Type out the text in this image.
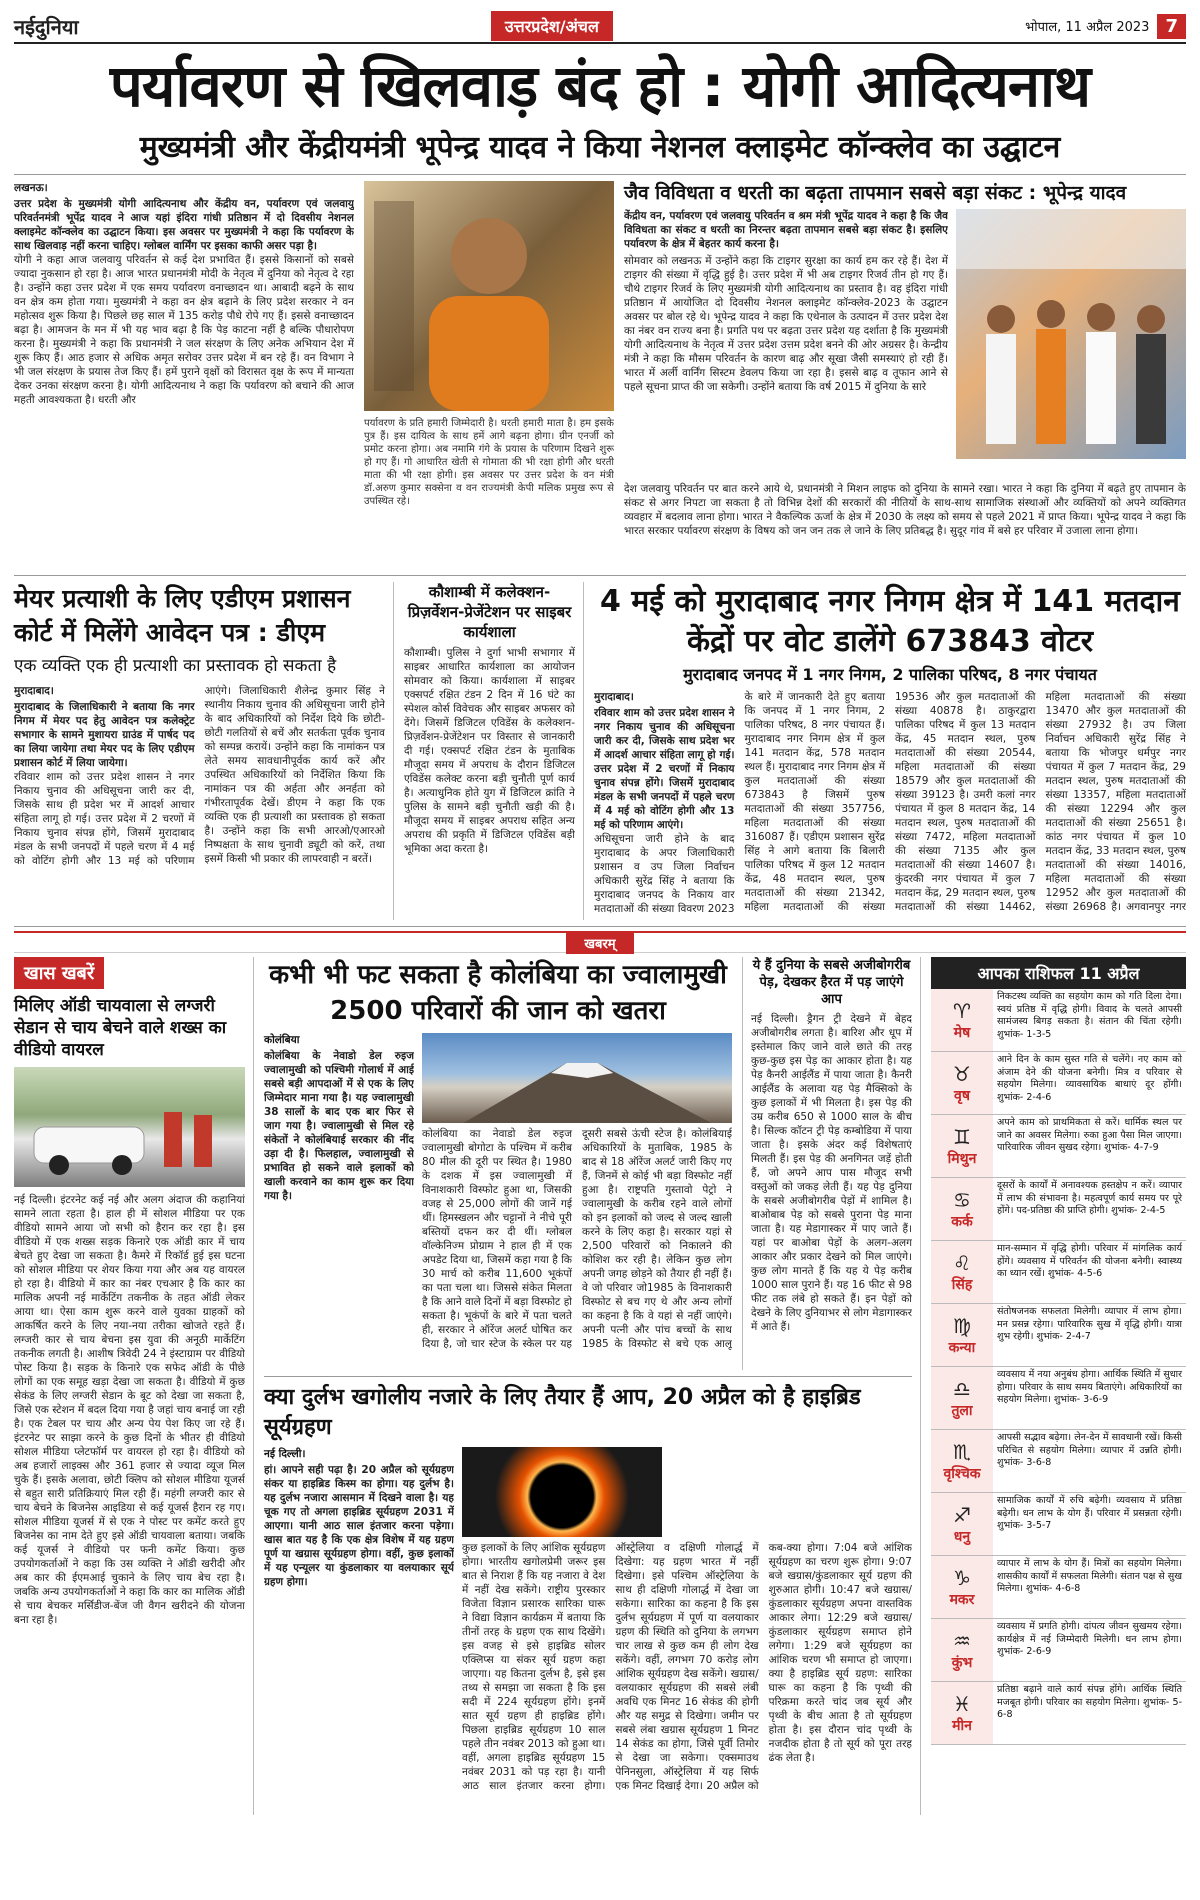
नईदुनिया	उत्तरप्रदेश/अंचल	भोपाल, 11 अप्रैल 2023 7
पर्यावरण से खिलवाड़ बंद हो : योगी आदित्यनाथ
मुख्यमंत्री और केंद्रीयमंत्री भूपेन्द्र यादव ने किया नेशनल क्लाइमेट कॉन्क्लेव का उद्घाटन
लखनऊ।

उत्तर प्रदेश के मुख्यमंत्री योगी आदित्यनाथ और केंद्रीय वन, पर्यावरण एवं जलवायु परिवर्तनमंत्री भूपेंद्र यादव ने आज यहां इंदिरा गांधी प्रतिष्ठान में दो दिवसीय नेशनल क्लाइमेट कॉन्क्लेव का उद्घाटन किया। इस अवसर पर मुख्यमंत्री ने कहा कि पर्यावरण के साथ खिलवाड़ नहीं करना चाहिए। ग्लोबल वार्मिंग पर इसका काफी असर पड़ा है।

योगी ने कहा आज जलवायु परिवर्तन से कई देश प्रभावित हैं। इससे किसानों को सबसे ज्यादा नुकसान हो रहा है। आज भारत प्रधानमंत्री मोदी के नेतृत्व में दुनिया को नेतृत्व दे रहा है। उन्होंने कहा उत्तर प्रदेश में एक समय पर्यावरण वनाच्छादन था। आबादी बढ़ने के साथ वन क्षेत्र कम होता गया। मुख्यमंत्री ने कहा वन क्षेत्र बढ़ाने के लिए प्रदेश सरकार ने वन महोत्सव शुरू किया है। पिछले छह साल में 135 करोड़ पौधे रोपे गए हैं। इससे वनाच्छादन बढ़ा है। आमजन के मन में भी यह भाव बढ़ा है कि पेड़ काटना नहीं है बल्कि पौधारोपण करना है। मुख्यमंत्री ने कहा कि प्रधानमंत्री ने जल संरक्षण के लिए अनेक अभियान देश में शुरू किए हैं। आठ हजार से अधिक अमृत सरोवर उत्तर प्रदेश में बन रहे हैं। वन विभाग ने भी जल संरक्षण के प्रयास तेज किए हैं। हमें पुराने वृक्षों को विरासत वृक्ष के रूप में मान्यता देकर उनका संरक्षण करना है। योगी आदित्यनाथ ने कहा कि पर्यावरण को बचाने की आज महती आवश्यकता है। धरती और

पर्यावरण के प्रति हमारी जिम्मेदारी है। धरती हमारी माता है। हम इसके पुत्र हैं। इस दायित्व के साथ हमें आगे बढ़ना होगा। ग्रीन एनर्जी को प्रमोट करना होगा। अब नमामि गंगे के प्रयास के परिणाम दिखने शुरू हो गए हैं। गो आधारित खेती से गोमाता की भी रक्षा होगी और धरती माता की भी रक्षा होगी। इस अवसर पर उत्तर प्रदेश के वन मंत्री डॉ.अरुण कुमार सक्सेना व वन राज्यमंत्री केपी मलिक प्रमुख रूप से उपस्थित रहे।
जैव विविधता व धरती का बढ़ता तापमान सबसे बड़ा संकट : भूपेन्द्र यादव

केंद्रीय वन, पर्यावरण एवं जलवायु परिवर्तन व श्रम मंत्री भूपेंद्र यादव ने कहा है कि जैव विविधता का संकट व धरती का निरन्तर बढ़ता तापमान सबसे बड़ा संकट है। इसलिए पर्यावरण के क्षेत्र में बेहतर कार्य करना है।

सोमवार को लखनऊ में उन्होंने कहा कि टाइगर सुरक्षा का कार्य हम कर रहे हैं। देश में टाइगर की संख्या में वृद्धि हुई है। उत्तर प्रदेश में भी अब टाइगर रिजर्व तीन हो गए हैं। चौथे टाइगर रिजर्व के लिए मुख्यमंत्री योगी आदित्यनाथ का प्रस्ताव है। वह इंदिरा गांधी प्रतिष्ठान में आयोजित दो दिवसीय नेशनल क्लाइमेट कॉन्क्लेव-2023 के उद्घाटन अवसर पर बोल रहे थे। भूपेन्द्र यादव ने कहा कि एथेनाल के उत्पादन में उत्तर प्रदेश देश का नंबर वन राज्य बना है। प्रगति पथ पर बढ़ता उत्तर प्रदेश यह दर्शाता है कि मुख्यमंत्री योगी आदित्यनाथ के नेतृत्व में उत्तर प्रदेश उत्तम प्रदेश बनने की ओर अग्रसर है। केन्द्रीय मंत्री ने कहा कि मौसम परिवर्तन के कारण बाढ़ और सूखा जैसी समस्याएं हो रही हैं। भारत में अर्ली वार्निंग सिस्टम डेवलप किया जा रहा है। इससे बाढ़ व तूफान आने से पहले सूचना प्राप्त की जा सकेगी। उन्होंने बताया कि वर्ष 2015 में दुनिया के सारे

देश जलवायु परिवर्तन पर बात करने आये थे, प्रधानमंत्री ने मिशन लाइफ को दुनिया के सामने रखा। भारत ने कहा कि दुनिया में बढ़ते हुए तापमान के संकट से अगर निपटा जा सकता है तो विभिन्न देशों की सरकारों की नीतियों के साथ-साथ सामाजिक संस्थाओं और व्यक्तियों को अपने व्यक्तिगत व्यवहार में बदलाव लाना होगा। भारत ने वैकल्पिक ऊर्जा के क्षेत्र में 2030 के लक्ष्य को समय से पहले 2021 में प्राप्त किया। भूपेन्द्र यादव ने कहा कि भारत सरकार पर्यावरण संरक्षण के विषय को जन जन तक ले जाने के लिए प्रतिबद्ध है। सुदूर गांव में बसे हर परिवार में उजाला लाना होगा।

मेयर प्रत्याशी के लिए एडीएम प्रशासन कोर्ट में मिलेंगे आवेदन पत्र : डीएम
एक व्यक्ति एक ही प्रत्याशी का प्रस्तावक हो सकता है
मुरादाबाद।

मुरादाबाद के जिलाधिकारी ने बताया कि नगर निगम में मेयर पद हेतु आवेदन पत्र कलेक्ट्रेट सभागार के सामने मुशायरा ग्राउंड में पार्षद पद का लिया जायेगा तथा मेयर पद के लिए एडीएम प्रशासन कोर्ट में लिया जायेगा।

रविवार शाम को उत्तर प्रदेश शासन ने नगर निकाय चुनाव की अधिसूचना जारी कर दी, जिसके साथ ही प्रदेश भर में आदर्श आचार संहिता लागू हो गई। उत्तर प्रदेश में 2 चरणों में निकाय चुनाव संपन्न होंगे, जिसमें मुरादाबाद मंडल के सभी जनपदों में पहले चरण में 4 मई को वोटिंग होगी और 13 मई को परिणाम आएंगे। जिलाधिकारी शैलेन्द्र कुमार सिंह ने स्थानीय निकाय चुनाव की अधिसूचना जारी होने के बाद अधिकारियों को निर्देश दिये कि छोटी-छोटी गलतियों से बचें और सतर्कता पूर्वक चुनाव को सम्पन्न करायें। उन्होंने कहा कि नामांकन पत्र लेते समय सावधानीपूर्वक कार्य करें और उपस्थित अधिकारियों को निर्देशित किया कि नामांकन पत्र की अर्हता और अनर्हता को गंभीरतापूर्वक देखें। डीएम ने कहा कि एक व्यक्ति एक ही प्रत्याशी का प्रस्तावक हो सकता है। उन्होंने कहा कि सभी आरओ/एआरओ निष्पक्षता के साथ चुनावी ड्यूटी को करें, तथा इसमें किसी भी प्रकार की लापरवाही न बरतें।

कौशाम्बी में कलेक्शन-प्रिज़र्वेशन-प्रेजेंटेशन पर साइबर कार्यशाला

कौशाम्बी। पुलिस ने दुर्गा भाभी सभागार में साइबर आधारित कार्यशाला का आयोजन सोमवार को किया। कार्यशाला में साइबर एक्सपर्ट रक्षित टंडन 2 दिन में 16 घंटे का स्पेशल कोर्स विवेचक और साइबर अफसर को देंगे। जिसमें डिजिटल एविडेंस के कलेक्शन-प्रिज़र्वेशन-प्रेजेंटेशन पर विस्तार से जानकारी दी गई। एक्सपर्ट रक्षित टंडन के मुताबिक मौजूदा समय में अपराध के दौरान डिजिटल एविडेंस कलेक्ट करना बड़ी चुनौती पूर्ण कार्य है। अत्याधुनिक होते युग में डिजिटल क्रांति ने पुलिस के सामने बड़ी चुनौती खड़ी की है। मौजूदा समय में साइबर अपराध सहित अन्य अपराध की प्रकृति में डिजिटल एविडेंस बड़ी भूमिका अदा करता है।

4 मई को मुरादाबाद नगर निगम क्षेत्र में 141 मतदान केंद्रों पर वोट डालेंगे 673843 वोटर
मुरादाबाद जनपद में 1 नगर निगम, 2 पालिका परिषद, 8 नगर पंचायत
मुरादाबाद।

रविवार शाम को उत्तर प्रदेश शासन ने नगर निकाय चुनाव की अधिसूचना जारी कर दी, जिसके साथ प्रदेश भर में आदर्श आचार संहिता लागू हो गई। उत्तर प्रदेश में 2 चरणों में निकाय चुनाव संपन्न होंगे। जिसमें मुरादाबाद मंडल के सभी जनपदों में पहले चरण में 4 मई को वोटिंग होगी और 13 मई को परिणाम आएंगे।

अधिसूचना जारी होने के बाद मुरादाबाद के अपर जिलाधिकारी प्रशासन व उप जिला निर्वाचन अधिकारी सुरेंद्र सिंह ने बताया कि मुरादाबाद जनपद के निकाय वार मतदाताओं की संख्या विवरण 2023 के बारे में जानकारी देते हुए बताया कि जनपद में 1 नगर निगम, 2 पालिका परिषद, 8 नगर पंचायत हैं। मुरादाबाद नगर निगम क्षेत्र में कुल 141 मतदान केंद्र, 578 मतदान स्थल हैं। मुरादाबाद नगर निगम क्षेत्र में कुल मतदाताओं की संख्या 673843 है जिसमें पुरुष मतदाताओं की संख्या 357756, महिला मतदाताओं की संख्या 316087 हैं। एडीएम प्रशासन सुरेंद्र सिंह ने आगे बताया कि बिलारी पालिका परिषद में कुल 12 मतदान केंद्र, 48 मतदान स्थल, पुरुष मतदाताओं की संख्या 21342, महिला मतदाताओं की संख्या 19536 और कुल मतदाताओं की संख्या 40878 है। ठाकुरद्वारा पालिका परिषद में कुल 13 मतदान केंद्र, 45 मतदान स्थल, पुरुष मतदाताओं की संख्या 20544, महिला मतदाताओं की संख्या 18579 और कुल मतदाताओं की संख्या 39123 है। उमरी कलां नगर पंचायत में कुल 8 मतदान केंद्र, 14 मतदान स्थल, पुरुष मतदाताओं की संख्या 7472, महिला मतदाताओं की संख्या 7135 और कुल मतदाताओं की संख्या 14607 है। कुंदरकी नगर पंचायत में कुल 7 मतदान केंद्र, 29 मतदान स्थल, पुरुष मतदाताओं की संख्या 14462, महिला मतदाताओं की संख्या 13470 और कुल मतदाताओं की संख्या 27932 है। उप जिला निर्वाचन अधिकारी सुरेंद्र सिंह ने बताया कि भोजपुर धर्मपुर नगर पंचायत में कुल 7 मतदान केंद्र, 29 मतदान स्थल, पुरुष मतदाताओं की संख्या 13357, महिला मतदाताओं की संख्या 12294 और कुल मतदाताओं की संख्या 25651 है। कांठ नगर पंचायत में कुल 10 मतदान केंद्र, 33 मतदान स्थल, पुरुष मतदाताओं की संख्या 14016, महिला मतदाताओं की संख्या 12952 और कुल मतदाताओं की संख्या 26968 है। अगवानपुर नगर

खबरम्
खास खबरें
मिलिए ऑडी चायवाला से लग्जरी सेडान से चाय बेचने वाले शख्स का वीडियो वायरल

नई दिल्ली। इंटरनेट कई नई और अलग अंदाज की कहानियां सामने लाता रहता है। हाल ही में सोशल मीडिया पर एक वीडियो सामने आया जो सभी को हैरान कर रहा है। इस वीडियो में एक शख्स सड़क किनारे एक ऑडी कार में चाय बेचते हुए देखा जा सकता है। कैमरे में रिकॉर्ड हुई इस घटना को सोशल मीडिया पर शेयर किया गया और अब यह वायरल हो रहा है। वीडियो में कार का नंबर एचआर है कि कार का मालिक अपनी नई मार्केटिंग तकनीक के तहत ऑडी लेकर आया था। ऐसा काम शुरू करने वाले युवका ग्राहकों को आकर्षित करने के लिए नया-नया तरीका खोजते रहते हैं। लग्जरी कार से चाय बेचना इस युवा की अनूठी मार्केटिंग तकनीक लगती है। आशीष त्रिवेदी 24 ने इंस्टाग्राम पर वीडियो पोस्ट किया है। सड़क के किनारे एक सफेद ऑडी के पीछे लोगों का एक समूह खड़ा देखा जा सकता है। वीडियो में कुछ सेकंड के लिए लग्जरी सेडान के बूट को देखा जा सकता है, जिसे एक स्टेशन में बदल दिया गया है जहां चाय बनाई जा रही है। एक टेबल पर चाय और अन्य पेय पेश किए जा रहे हैं। इंटरनेट पर साझा करने के कुछ दिनों के भीतर ही वीडियो सोशल मीडिया प्लेटफॉर्म पर वायरल हो रहा है। वीडियो को अब हजारों लाइक्स और 361 हजार से ज्यादा व्यूज मिल चुके हैं। इसके अलावा, छोटी क्लिप को सोशल मीडिया यूजर्स से बहुत सारी प्रतिक्रियाएं मिल रही हैं। महंगी लग्जरी कार से चाय बेचने के बिजनेस आइडिया से कई यूजर्स हैरान रह गए। सोशल मीडिया यूजर्स में से एक ने पोस्ट पर कमेंट करते हुए बिजनेस का नाम देते हुए इसे ऑडी चायवाला बताया। जबकि कई यूजर्स ने वीडियो पर फनी कमेंट किया। कुछ उपयोगकर्ताओं ने कहा कि उस व्यक्ति ने ऑडी खरीदी और अब कार की ईएमआई चुकाने के लिए चाय बेच रहा है। जबकि अन्य उपयोगकर्ताओं ने कहा कि कार का मालिक ऑडी से चाय बेचकर मर्सिडीज-बेंज जी वैगन खरीदने की योजना बना रहा है।

कभी भी फट सकता है कोलंबिया का ज्वालामुखी 2500 परिवारों की जान को खतरा
कोलंबिया

कोलंबिया के नेवाडो डेल रुइज ज्वालामुखी को पश्चिमी गोलार्ध में आई सबसे बड़ी आपदाओं में से एक के लिए जिम्मेदार माना गया है। यह ज्वालामुखी 38 सालों के बाद एक बार फिर से जाग गया है। ज्वालामुखी से मिल रहे संकेतों ने कोलंबियाई सरकार की नींद उड़ा दी है। फिलहाल, ज्वालामुखी से प्रभावित हो सकने वाले इलाकों को खाली करवाने का काम शुरू कर दिया गया है।

कोलंबिया का नेवाडो डेल रुइज ज्वालामुखी बोगोटा के पश्चिम में करीब 80 मील की दूरी पर स्थित है। 1980 के दशक में इस ज्वालामुखी में विनाशकारी विस्फोट हुआ था, जिसकी वजह से 25,000 लोगों की जानें गई थीं। हिमस्खलन और चट्टानों ने नीचे पूरी बस्तियों दफन कर दी थीं। ग्लोबल वॉल्केनिज्म प्रोग्राम ने हाल ही में एक अपडेट दिया था, जिसमें कहा गया है कि 30 मार्च को करीब 11,600 भूकंपों का पता चला था। जिससे संकेत मिलता है कि आने वाले दिनों में बड़ा विस्फोट हो सकता है। भूकंपों के बारे में पता चलते ही, सरकार ने ऑरेंज अलर्ट घोषित कर दिया है, जो चार स्टेज के स्केल पर यह दूसरी सबसे ऊंची स्टेज है। कोलंबियाई अधिकारियों के मुताबिक, 1985 के बाद से 18 ऑरेंज अलर्ट जारी किए गए हैं, जिनमें से कोई भी बड़ा विस्फोट नहीं हुआ है। राष्ट्रपति गुस्तावो पेट्रो ने ज्वालामुखी के करीब रहने वाले लोगों को इन इलाकों को जल्द से जल्द खाली करने के लिए कहा है। सरकार यहां से 2,500 परिवारों को निकालने की कोशिश कर रही है। लेकिन कुछ लोग अपनी जगह छोड़ने को तैयार ही नहीं हैं। वे जो परिवार जो1985 के विनाशकारी विस्फोट से बच गए थे और अन्य लोगों का कहना है कि वे यहां से नहीं जाएंगे। अपनी पत्नी और पांच बच्चों के साथ 1985 के विस्फोट से बचे एक आलू

ये हैं दुनिया के सबसे अजीबोगरीब पेड़, देखकर हैरत में पड़ जाएंगे आप

नई दिल्ली। ड्रैगन ट्री देखने में बेहद अजीबोगरीब लगता है। बारिश और धूप में इस्तेमाल किए जाने वाले छाते की तरह कुछ-कुछ इस पेड़ का आकार होता है। यह पेड़ कैनरी आईलैंड में पाया जाता है। कैनरी आईलैंड के अलावा यह पेड़ मैक्सिको के कुछ इलाकों में भी मिलता है। इस पेड़ की उम्र करीब 650 से 1000 साल के बीच है। सिल्क कॉटन ट्री पेड़ कम्बोडिया में पाया जाता है। इसके अंदर कई विशेषताएं मिलती हैं। इस पेड़ की अनगिनत जड़ें होती हैं, जो अपने आप पास मौजूद सभी वस्तुओं को जकड़ लेती हैं। यह पेड़ दुनिया के सबसे अजीबोगरीब पेड़ों में शामिल है। बाओबाब पेड़ को सबसे पुराना पेड़ माना जाता है। यह मेडागास्कर में पाए जाते हैं। यहां पर बाओबा पेड़ों के अलग-अलग आकार और प्रकार देखने को मिल जाएंगे। कुछ लोग मानते हैं कि यह ये पेड़ करीब 1000 साल पुराने हैं। यह 16 फीट से 98 फीट तक लंबे हो सकते हैं। इन पेड़ों को देखने के लिए दुनियाभर से लोग मेडागास्कर में आते हैं।

क्या दुर्लभ खगोलीय नजारे के लिए तैयार हैं आप, 20 अप्रैल को है हाइब्रिड सूर्यग्रहण
नई दिल्ली।

हां। आपने सही पढ़ा है। 20 अप्रैल को सूर्यग्रहण संकर या हाइब्रिड किस्म का होगा। यह दुर्लभ है। यह दुर्लभ नजारा आसमान में दिखने वाला है। यह चूक गए तो अगला हाइब्रिड सूर्यग्रहण 2031 में आएगा। यानी आठ साल इंतजार करना पड़ेगा। खास बात यह है कि एक क्षेत्र विशेष में यह ग्रहण पूर्ण या खग्रास सूर्यग्रहण होगा। वहीं, कुछ इलाकों में यह एन्यूलर या कुंडलाकार या वलयाकार सूर्य ग्रहण होगा।

कुछ इलाकों के लिए आंशिक सूर्यग्रहण होगा। भारतीय खगोलप्रेमी जरूर इस बात से निराश हैं कि यह नजारा वे देश में नहीं देख सकेंगे। राष्ट्रीय पुरस्कार विजेता विज्ञान प्रसारक सारिका घारू ने विद्या विज्ञान कार्यक्रम में बताया कि तीनों तरह के ग्रहण एक साथ दिखेंगे। इस वजह से इसे हाइब्रिड सोलर एक्लिप्स या संकर सूर्य ग्रहण कहा जाएगा। यह कितना दुर्लभ है, इसे इस तथ्य से समझा जा सकता है कि इस सदी में 224 सूर्यग्रहण होंगे। इनमें सात सूर्य ग्रहण ही हाइब्रिड होंगे। पिछला हाइब्रिड सूर्यग्रहण 10 साल पहले तीन नवंबर 2013 को हुआ था। वहीं, अगला हाइब्रिड सूर्यग्रहण 15 नवंबर 2031 को पड़ रहा है। यानी आठ साल इंतजार करना होगा। ऑस्ट्रेलिया व दक्षिणी गोलार्द्ध में दिखेगा: यह ग्रहण भारत में नहीं दिखेगा। इसे पश्चिम ऑस्ट्रेलिया के साथ ही दक्षिणी गोलार्द्ध में देखा जा सकेगा। सारिका का कहना है कि इस दुर्लभ सूर्यग्रहण में पूर्ण या वलयाकार ग्रहण की स्थिति को दुनिया के लगभग चार लाख से कुछ कम ही लोग देख सकेंगे। वहीं, लगभग 70 करोड़ लोग आंशिक सूर्यग्रहण देख सकेंगे। खग्रास/वलयाकार सूर्यग्रहण की सबसे लंबी अवधि एक मिनट 16 सेकंड की होगी और यह समुद्र से दिखेगा। जमीन पर सबसे लंबा खग्रास सूर्यग्रहण 1 मिनट 14 सेकंड का होगा, जिसे पूर्वी तिमोर से देखा जा सकेगा। एक्समाउथ पेनिनसुला, ऑस्ट्रेलिया में यह सिर्फ एक मिनट दिखाई देगा। 20 अप्रैल को कब-क्या होगा। 7:04 बजे आंशिक सूर्यग्रहण का चरण शुरू होगा। 9:07 बजे खग्रास/कुंडलाकार सूर्य ग्रहण की शुरुआत होगी। 10:47 बजे खग्रास/कुंडलाकार सूर्यग्रहण अपना वास्तविक आकार लेगा। 12:29 बजे खग्रास/कुंडलाकार सूर्यग्रहण समाप्त होने लगेगा। 1:29 बजे सूर्यग्रहण का आंशिक चरण भी समाप्त हो जाएगा। क्या है हाइब्रिड सूर्य ग्रहण: सारिका घारू का कहना है कि पृथ्वी की परिक्रमा करते चांद जब सूर्य और पृथ्वी के बीच आता है तो सूर्यग्रहण होता है। इस दौरान चांद पृथ्वी के नजदीक होता है तो सूर्य को पूरा तरह ढंक लेता है।

आपका राशिफल 11 अप्रैल
♈
मेष
निकटस्थ व्यक्ति का सहयोग काम को गति दिला देगा। स्वयं प्रतिष्ठ में वृद्धि होगी। विवाद के चलते आपसी सामंजस्य बिगड़ सकता है। संतान की चिंता रहेगी। शुभांक- 1-3-5
♉
वृष
आने दिन के काम सुस्त गति से चलेंगे। नए काम को अंजाम देने की योजना बनेगी। मित्र व परिवार से सहयोग मिलेगा। व्यावसायिक बाधाएं दूर होंगी। शुभांक- 2-4-6
♊
मिथुन
अपने काम को प्राथमिकता से करें। धार्मिक स्थल पर जाने का अवसर मिलेगा। रुका हुआ पैसा मिल जाएगा। पारिवारिक जीवन सुखद रहेगा। शुभांक- 4-7-9
♋
कर्क
दूसरों के कार्यों में अनावश्यक हस्तक्षेप न करें। व्यापार में लाभ की संभावना है। महत्वपूर्ण कार्य समय पर पूरे होंगे। पद-प्रतिष्ठा की प्राप्ति होगी। शुभांक- 2-4-5
♌
सिंह
मान-सम्मान में वृद्धि होगी। परिवार में मांगलिक कार्य होंगे। व्यवसाय में परिवर्तन की योजना बनेगी। स्वास्थ्य का ध्यान रखें। शुभांक- 4-5-6
♍
कन्या
संतोषजनक सफलता मिलेगी। व्यापार में लाभ होगा। मन प्रसन्न रहेगा। पारिवारिक सुख में वृद्धि होगी। यात्रा शुभ रहेगी। शुभांक- 2-4-7
♎
तुला
व्यवसाय में नया अनुबंध होगा। आर्थिक स्थिति में सुधार होगा। परिवार के साथ समय बिताएंगे। अधिकारियों का सहयोग मिलेगा। शुभांक- 3-6-9
♏
वृश्चिक
आपसी सद्भाव बढ़ेगा। लेन-देन में सावधानी रखें। किसी परिचित से सहयोग मिलेगा। व्यापार में उन्नति होगी। शुभांक- 3-6-8
♐
धनु
सामाजिक कार्यों में रुचि बढ़ेगी। व्यवसाय में प्रतिष्ठा बढ़ेगी। धन लाभ के योग हैं। परिवार में प्रसन्नता रहेगी। शुभांक- 3-5-7
♑
मकर
व्यापार में लाभ के योग हैं। मित्रों का सहयोग मिलेगा। शासकीय कार्यों में सफलता मिलेगी। संतान पक्ष से सुख मिलेगा। शुभांक- 4-6-8
♒
कुंभ
व्यवसाय में प्रगति होगी। दांपत्य जीवन सुखमय रहेगा। कार्यक्षेत्र में नई जिम्मेदारी मिलेगी। धन लाभ होगा। शुभांक- 2-6-9
♓
मीन
प्रतिष्ठा बढ़ाने वाले कार्य संपन्न होंगे। आर्थिक स्थिति मजबूत होगी। परिवार का सहयोग मिलेगा। शुभांक- 5-6-8
